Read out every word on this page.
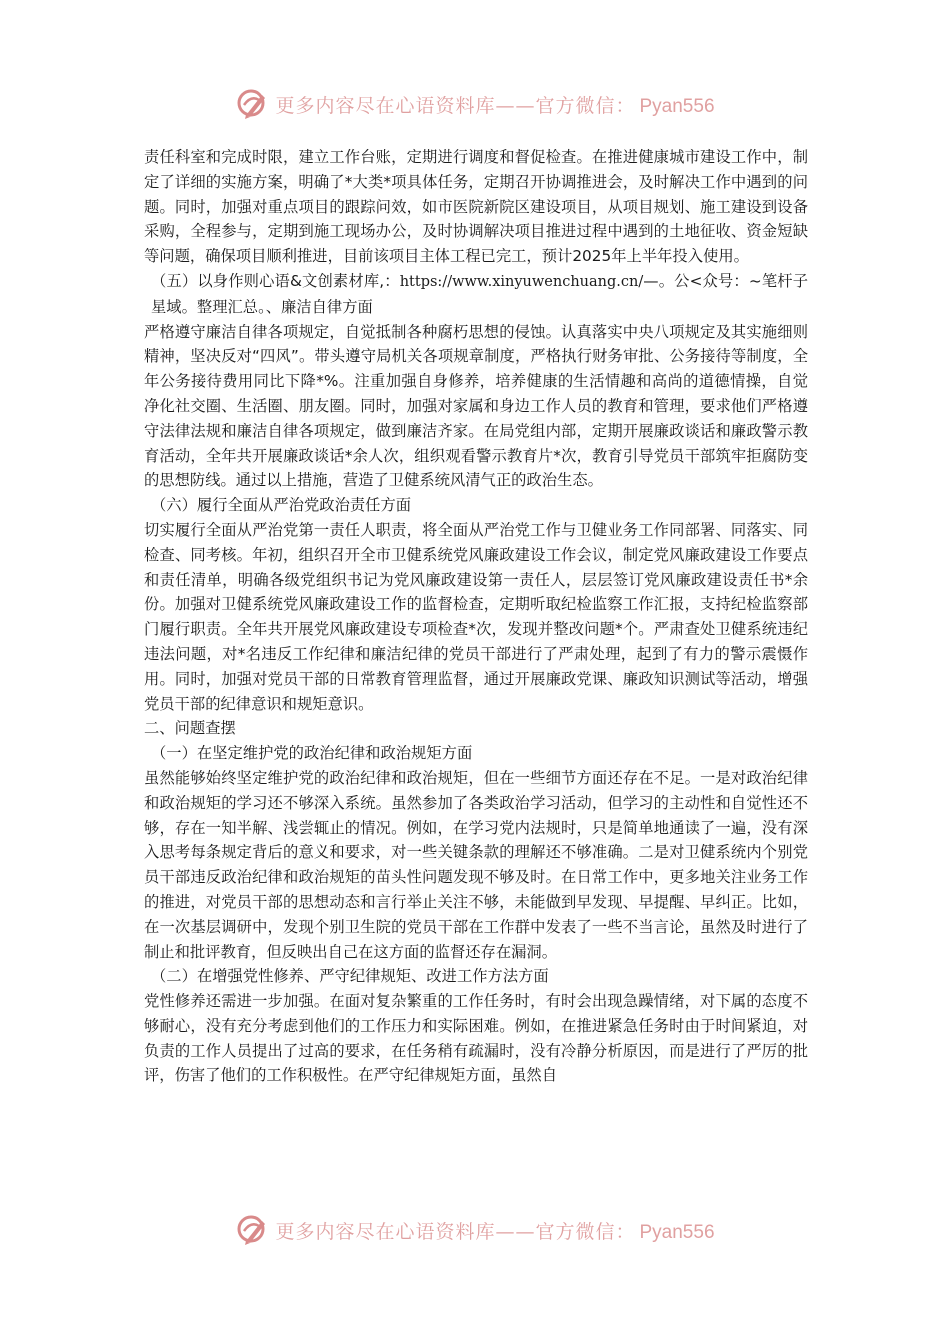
更多内容尽在心语资料库——官方微信： Pyan556

责任科室和完成时限，建立工作台账，定期进行调度和督促检查。在推进健康城市建设工作中，制定了详细的实施方案，明确了*大类*项具体任务，定期召开协调推进会，及时解决工作中遇到的问题。同时，加强对重点项目的跟踪问效，如市医院新院区建设项目，从项目规划、施工建设到设备采购，全程参与，定期到施工现场办公，及时协调解决项目推进过程中遇到的土地征收、资金短缺等问题，确保项目顺利推进，目前该项目主体工程已完工，预计2025年上半年投入使用。

（五）以身作则心语&文创素材库,：https://www.xinyuwenchuang.cn/—。公<众号：~笔杆子星域。整理汇总。、廉洁自律方面

严格遵守廉洁自律各项规定，自觉抵制各种腐朽思想的侵蚀。认真落实中央八项规定及其实施细则精神，坚决反对“四风”。带头遵守局机关各项规章制度，严格执行财务审批、公务接待等制度，全年公务接待费用同比下降*%。注重加强自身修养，培养健康的生活情趣和高尚的道德情操，自觉净化社交圈、生活圈、朋友圈。同时，加强对家属和身边工作人员的教育和管理，要求他们严格遵守法律法规和廉洁自律各项规定，做到廉洁齐家。在局党组内部，定期开展廉政谈话和廉政警示教育活动，全年共开展廉政谈话*余人次，组织观看警示教育片*次，教育引导党员干部筑牢拒腐防变的思想防线。通过以上措施，营造了卫健系统风清气正的政治生态。

（六）履行全面从严治党政治责任方面

切实履行全面从严治党第一责任人职责，将全面从严治党工作与卫健业务工作同部署、同落实、同检查、同考核。年初，组织召开全市卫健系统党风廉政建设工作会议，制定党风廉政建设工作要点和责任清单，明确各级党组织书记为党风廉政建设第一责任人，层层签订党风廉政建设责任书*余份。加强对卫健系统党风廉政建设工作的监督检查，定期听取纪检监察工作汇报，支持纪检监察部门履行职责。全年共开展党风廉政建设专项检查*次，发现并整改问题*个。严肃查处卫健系统违纪违法问题，对*名违反工作纪律和廉洁纪律的党员干部进行了严肃处理，起到了有力的警示震慑作用。同时，加强对党员干部的日常教育管理监督，通过开展廉政党课、廉政知识测试等活动，增强党员干部的纪律意识和规矩意识。

二、问题查摆

（一）在坚定维护党的政治纪律和政治规矩方面

虽然能够始终坚定维护党的政治纪律和政治规矩，但在一些细节方面还存在不足。一是对政治纪律和政治规矩的学习还不够深入系统。虽然参加了各类政治学习活动，但学习的主动性和自觉性还不够，存在一知半解、浅尝辄止的情况。例如，在学习党内法规时，只是简单地通读了一遍，没有深入思考每条规定背后的意义和要求，对一些关键条款的理解还不够准确。二是对卫健系统内个别党员干部违反政治纪律和政治规矩的苗头性问题发现不够及时。在日常工作中，更多地关注业务工作的推进，对党员干部的思想动态和言行举止关注不够，未能做到早发现、早提醒、早纠正。比如，在一次基层调研中，发现个别卫生院的党员干部在工作群中发表了一些不当言论，虽然及时进行了制止和批评教育，但反映出自己在这方面的监督还存在漏洞。

（二）在增强党性修养、严守纪律规矩、改进工作方法方面

党性修养还需进一步加强。在面对复杂繁重的工作任务时，有时会出现急躁情绪，对下属的态度不够耐心，没有充分考虑到他们的工作压力和实际困难。例如，在推进紧急任务时由于时间紧迫，对负责的工作人员提出了过高的要求，在任务稍有疏漏时，没有冷静分析原因，而是进行了严厉的批评，伤害了他们的工作积极性。在严守纪律规矩方面，虽然自

更多内容尽在心语资料库——官方微信： Pyan556
